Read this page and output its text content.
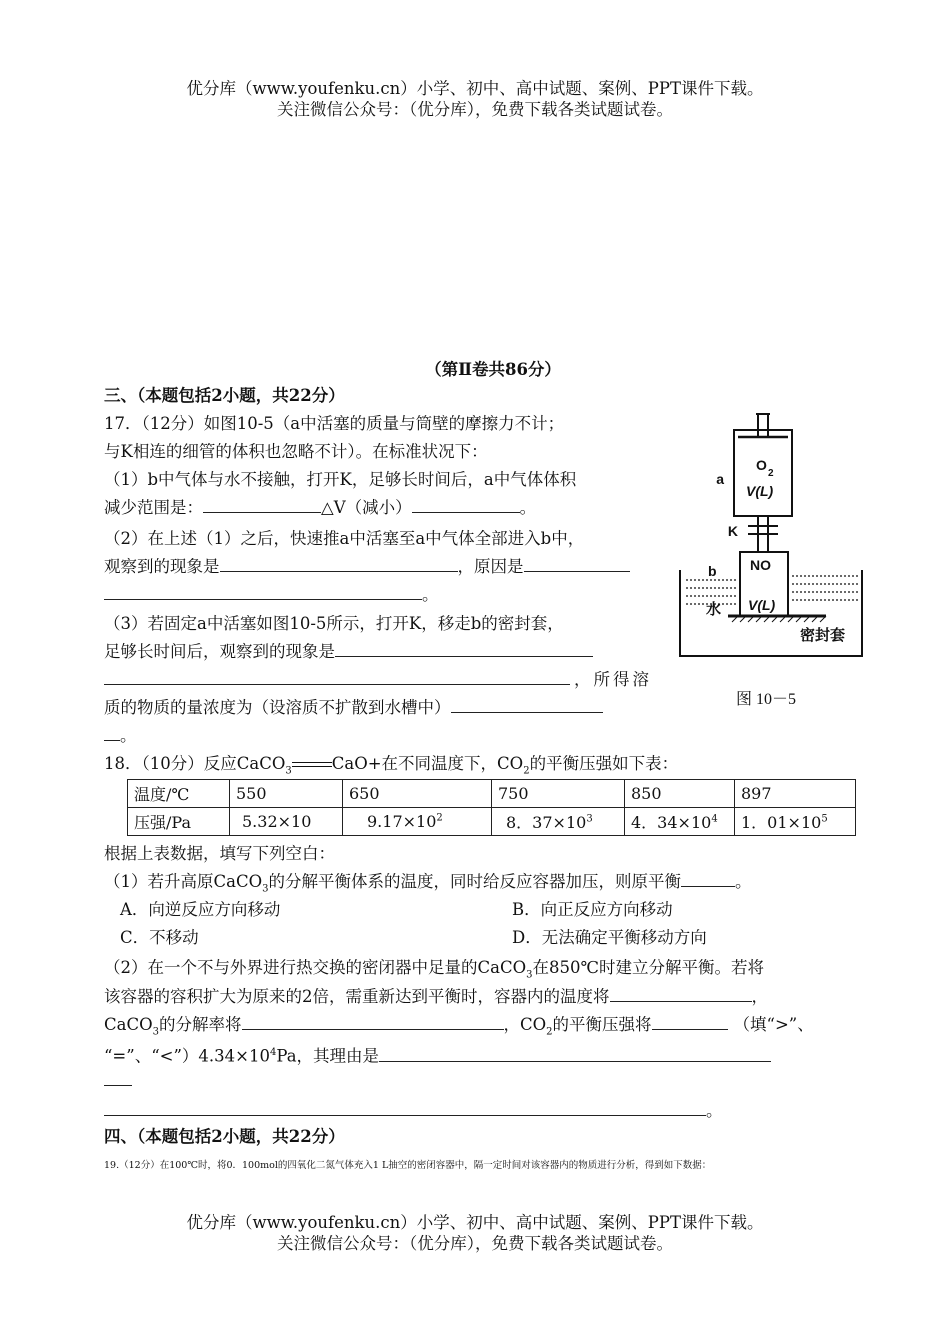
优分库（www.youfenku.cn）小学、初中、高中试题、案例、PPT课件下载。
关注微信公众号：（优分库），免费下载各类试题试卷。
（第Ⅱ卷共86分）
三、（本题包括2小题，共22分）
17．（12分）如图10-5（a中活塞的质量与筒壁的摩擦力不计；
与K相连的细管的体积也忽略不计）。在标准状况下：
（1）b中气体与水不接触，打开K，足够长时间后，a中气体体积
减少范围是：	△V（减小）	。
（2）在上述（1）之后，快速推a中活塞至a中气体全部进入b中，
观察到的现象是	，原因是
。
（3）若固定a中活塞如图10-5所示，打开K，移走b的密封套，
足够长时间后，观察到的现象是
，所得溶
质的物质的量浓度为（设溶质不扩散到水槽中）
。
a
O
2
V(L)
K
b NO
水 V(L)
密封套
图 10－5
18．（10分）反应CaCO$_3$ CaO+在不同温度下，$CO_2$的平衡压强如下表：
温度/℃	550	650	750	850	897
压强/Pa	5.32×10	$9.17\times 10^2$	8．$37\times 10^3$	4．$34\times 10^4$	1．$01\times 10^5$
根据上表数据，填写下列空白：
（1）若升高原CaCO$_3$的分解平衡体系的温度，同时给反应容器加压，则原平衡	。
A．向逆反应方向移动	B．向正反应方向移动
C．不移动	D．无法确定平衡移动方向
（2）在一个不与外界进行热交换的密闭器中足量的CaCO$_3$在850℃时建立分解平衡。若将
该容器的容积扩大为原来的2倍，需重新达到平衡时，容器内的温度将	，
CaCO$_3$的分解率将	，$CO_2$的平衡压强将	（填“>”、
“=”、“$<”)4.34\times 10^4Pa$，其理由是
。
四、（本题包括2小题，共22分）
19.（12分）在100℃时，将0．100mol的四氧化二氮气体充入1 L抽空的密闭容器中，隔一定时间对该容器内的物质进行分析，得到如下数据：
优分库（www.youfenku.cn）小学、初中、高中试题、案例、PPT课件下载。
关注微信公众号：（优分库），免费下载各类试题试卷。
